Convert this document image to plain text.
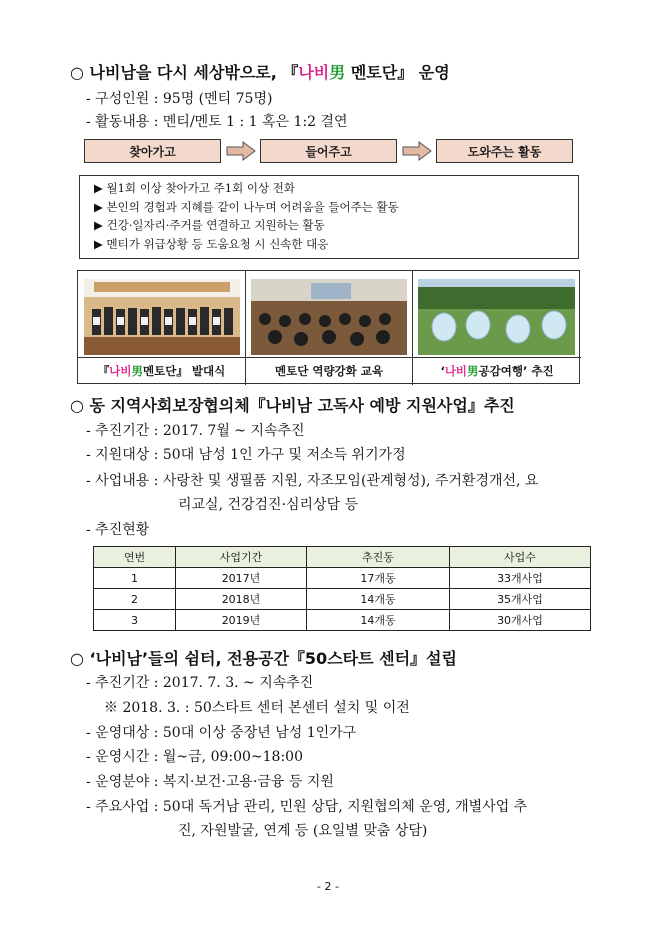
○ 나비남을 다시 세상밖으로, 『나비男 멘토단』 운영
- 구성인원 : 95명 (멘티 75명)
- 활동내용 : 멘티/멘토 1 : 1 혹은 1:2 결연
찾아가고	들어주고	도와주는 활동
▶ 월1회 이상 찾아가고 주1회 이상 전화
▶ 본인의 경험과 지혜를 같이 나누며 어려움을 들어주는 활동
▶ 건강·일자리·주거를 연결하고 지원하는 활동
▶ 멘티가 위급상황 등 도움요청 시 신속한 대응
『 나비 男 멘토단』 발대식	멘토단 역량강화 교육	‘ 나비 男 공감여행’ 추진
○ 동 지역사회보장협의체『나비남 고독사 예방 지원사업』추진
- 추진기간 : 2017. 7월 ~ 지속추진
- 지원대상 : 50대 남성 1인 가구 및 저소득 위기가정
- 사업내용 : 사랑찬 및 생필품 지원, 자조모임(관계형성), 주거환경개선, 요
리교실, 건강검진·심리상담 등
- 추진현황
연번	사업기간	추진동	사업수
1	2017년	17개동	33개사업
2	2018년	14개동	35개사업
3	2019년	14개동	30개사업
○ ‘나비남’들의 쉼터, 전용공간『50스타트 센터』설립
- 추진기간 : 2017. 7. 3. ~ 지속추진
※ 2018. 3. : 50스타트 센터 본센터 설치 및 이전
- 운영대상 : 50대 이상 중장년 남성 1인가구
- 운영시간 : 월~금, 09:00~18:00
- 운영분야 : 복지·보건·고용·금융 등 지원
- 주요사업 : 50대 독거남 관리, 민원 상담, 지원협의체 운영, 개별사업 추
진, 자원발굴, 연계 등 (요일별 맞춤 상담)
- 2 -
